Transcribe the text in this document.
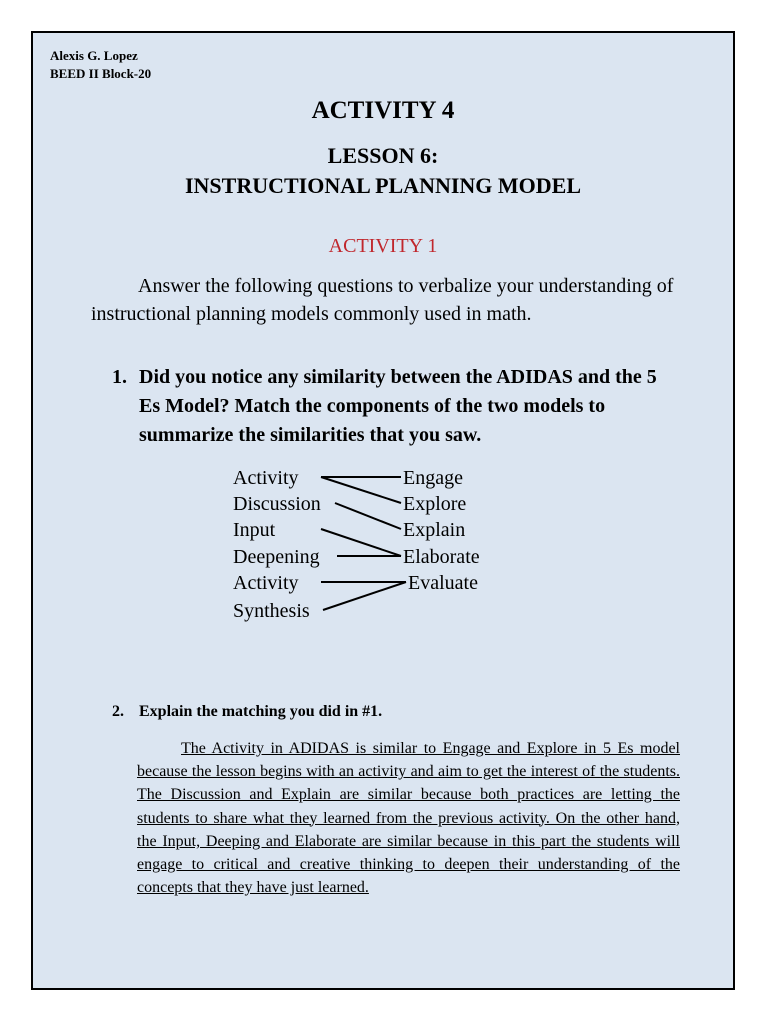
Alexis G. Lopez
BEED II Block-20
ACTIVITY 4
LESSON 6:
INSTRUCTIONAL PLANNING MODEL
ACTIVITY 1
Answer the following questions to verbalize your understanding of instructional planning models commonly used in math.
1. Did you notice any similarity between the ADIDAS and the 5 Es Model? Match the components of the two models to summarize the similarities that you saw.
Activity
Discussion
Input
Deepening
Activity
Synthesis
Engage
Explore
Explain
Elaborate
Evaluate
2. Explain the matching you did in #1.
The Activity in ADIDAS is similar to Engage and Explore in 5 Es model because the lesson begins with an activity and aim to get the interest of the students. The Discussion and Explain are similar because both practices are letting the students to share what they learned from the previous activity. On the other hand, the Input, Deeping and Elaborate are similar because in this part the students will engage to critical and creative thinking to deepen their understanding of the concepts that they have just learned.
